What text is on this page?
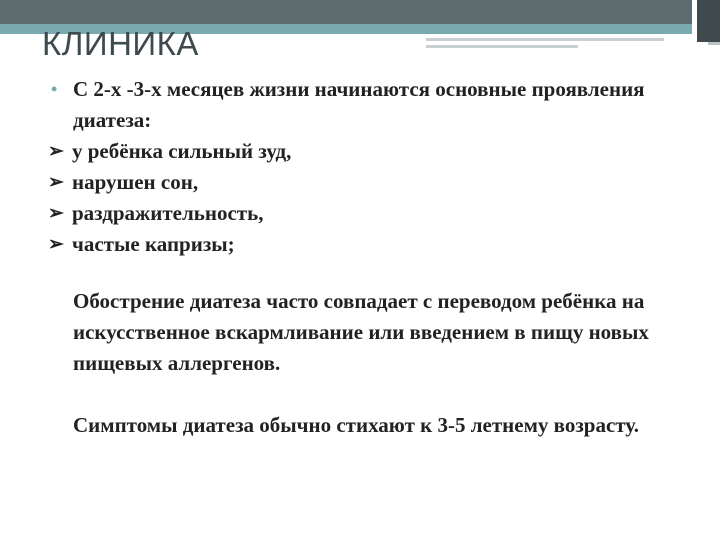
КЛИНИКА
• С 2-х -3-х месяцев жизни начинаются основные проявления диатеза:
➢ у ребёнка сильный зуд,
➢ нарушен сон,
➢ раздражительность,
➢ частые капризы;
Обострение диатеза часто совпадает с переводом ребёнка на искусственное вскармливание или введением в пищу новых пищевых аллергенов.
Симптомы диатеза обычно стихают к 3-5 летнему возрасту.
